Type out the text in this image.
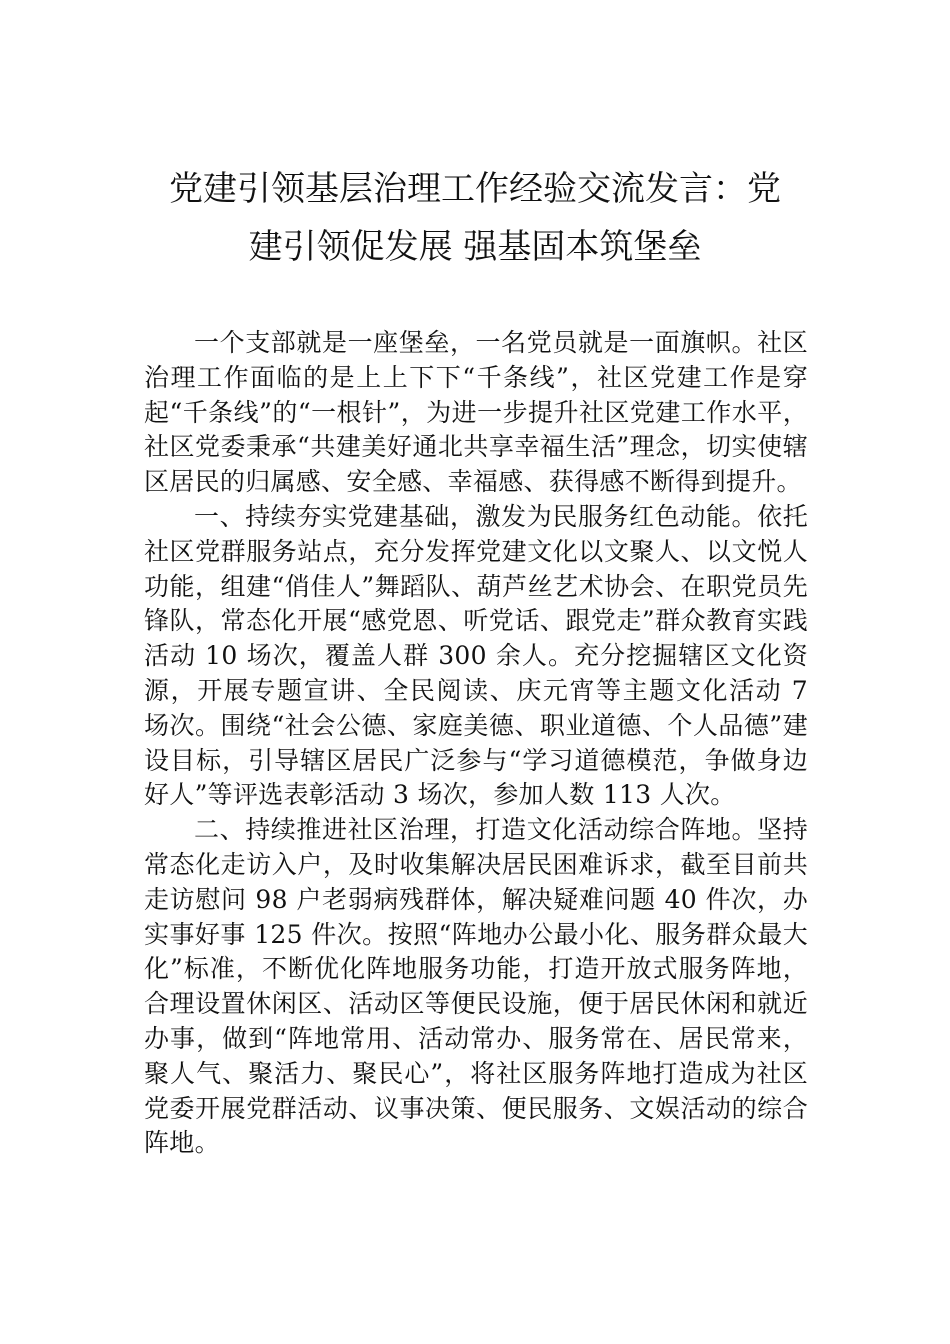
党建引领基层治理工作经验交流发言：党
建引领促发展 强基固本筑堡垒

一个支部就是一座堡垒，一名党员就是一面旗帜。社区治理工作面临的是上上下下“千条线”，社区党建工作是穿起“千条线”的“一根针”，为进一步提升社区党建工作水平，社区党委秉承“共建美好通北共享幸福生活”理念，切实使辖区居民的归属感、安全感、幸福感、获得感不断得到提升。

一、持续夯实党建基础，激发为民服务红色动能。依托社区党群服务站点，充分发挥党建文化以文聚人、以文悦人功能，组建“俏佳人”舞蹈队、葫芦丝艺术协会、在职党员先锋队，常态化开展“感党恩、听党话、跟党走”群众教育实践活动 10 场次，覆盖人群 300 余人。充分挖掘辖区文化资源，开展专题宣讲、全民阅读、庆元宵等主题文化活动 7 场次。围绕“社会公德、家庭美德、职业道德、个人品德”建设目标，引导辖区居民广泛参与“学习道德模范，争做身边好人”等评选表彰活动 3 场次，参加人数 113 人次。

二、持续推进社区治理，打造文化活动综合阵地。坚持常态化走访入户，及时收集解决居民困难诉求，截至目前共走访慰问 98 户老弱病残群体，解决疑难问题 40 件次，办实事好事 125 件次。按照“阵地办公最小化、服务群众最大化”标准，不断优化阵地服务功能，打造开放式服务阵地，合理设置休闲区、活动区等便民设施，便于居民休闲和就近办事，做到“阵地常用、活动常办、服务常在、居民常来，聚人气、聚活力、聚民心”，将社区服务阵地打造成为社区党委开展党群活动、议事决策、便民服务、文娱活动的综合阵地。
